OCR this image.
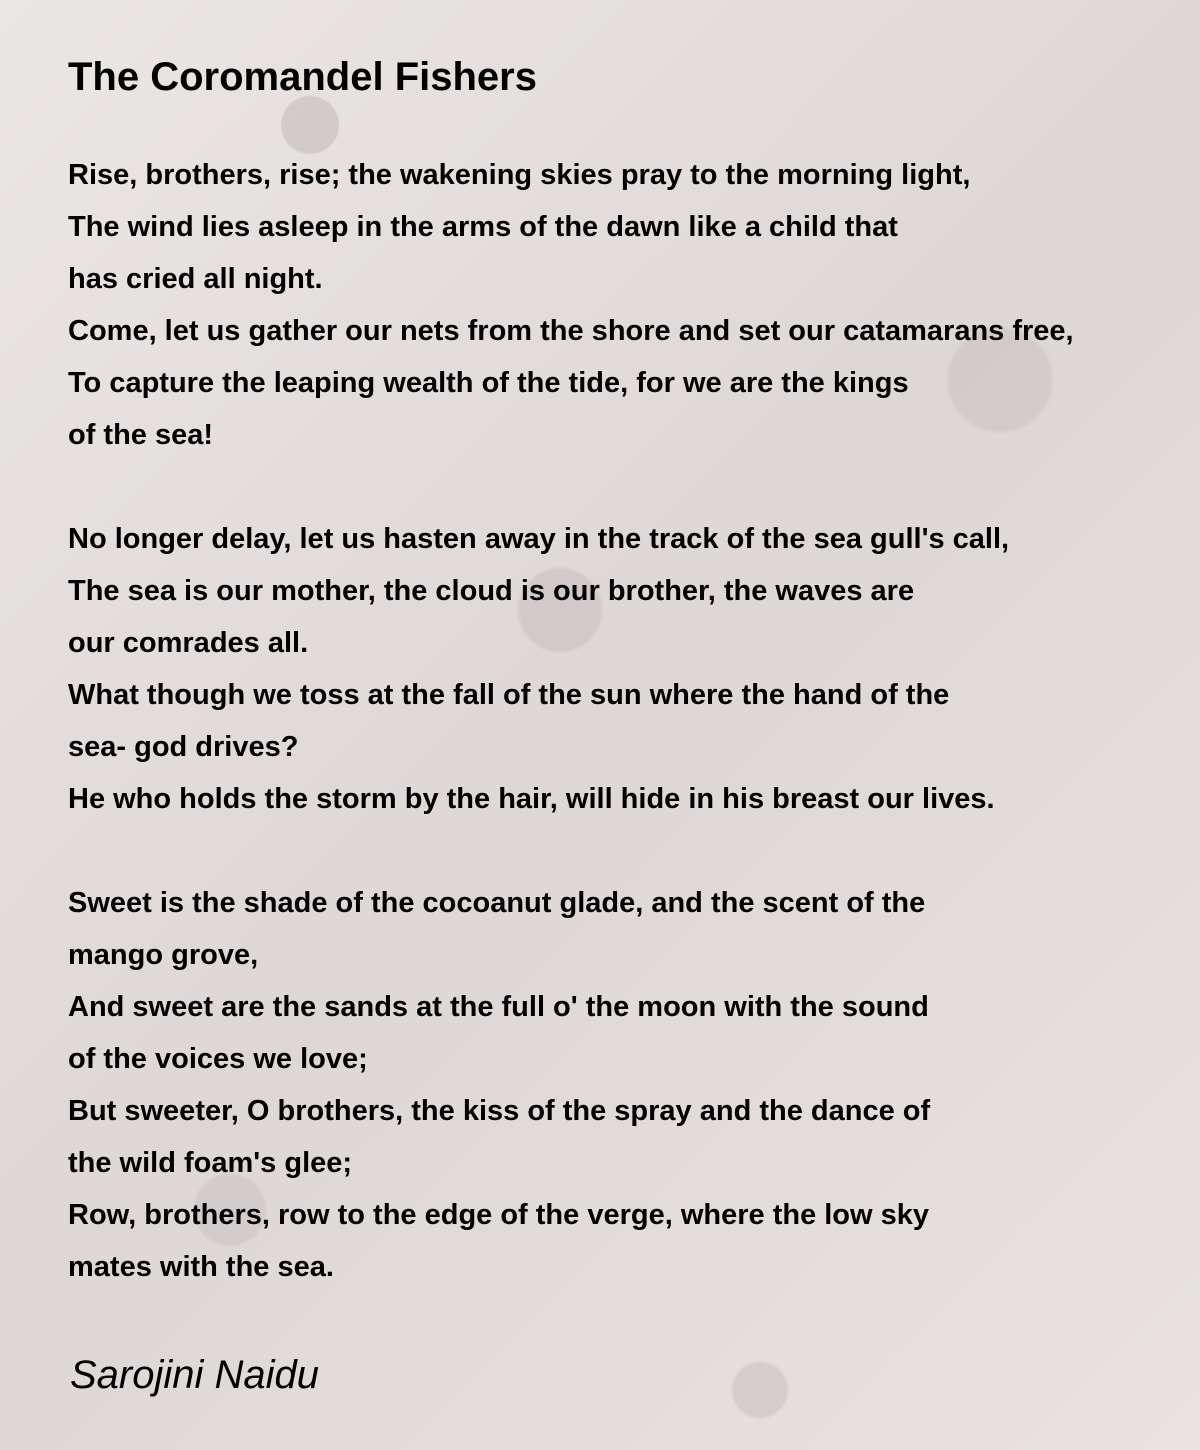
The Coromandel Fishers
Rise, brothers, rise; the wakening skies pray to the morning light,
The wind lies asleep in the arms of the dawn like a child that
has cried all night.
Come, let us gather our nets from the shore and set our catamarans free,
To capture the leaping wealth of the tide, for we are the kings
of the sea!
No longer delay, let us hasten away in the track of the sea gull's call,
The sea is our mother, the cloud is our brother, the waves are
our comrades all.
What though we toss at the fall of the sun where the hand of the
sea- god drives?
He who holds the storm by the hair, will hide in his breast our lives.
Sweet is the shade of the cocoanut glade, and the scent of the
mango grove,
And sweet are the sands at the full o' the moon with the sound
of the voices we love;
But sweeter, O brothers, the kiss of the spray and the dance of
the wild foam's glee;
Row, brothers, row to the edge of the verge, where the low sky
mates with the sea.
Sarojini Naidu
